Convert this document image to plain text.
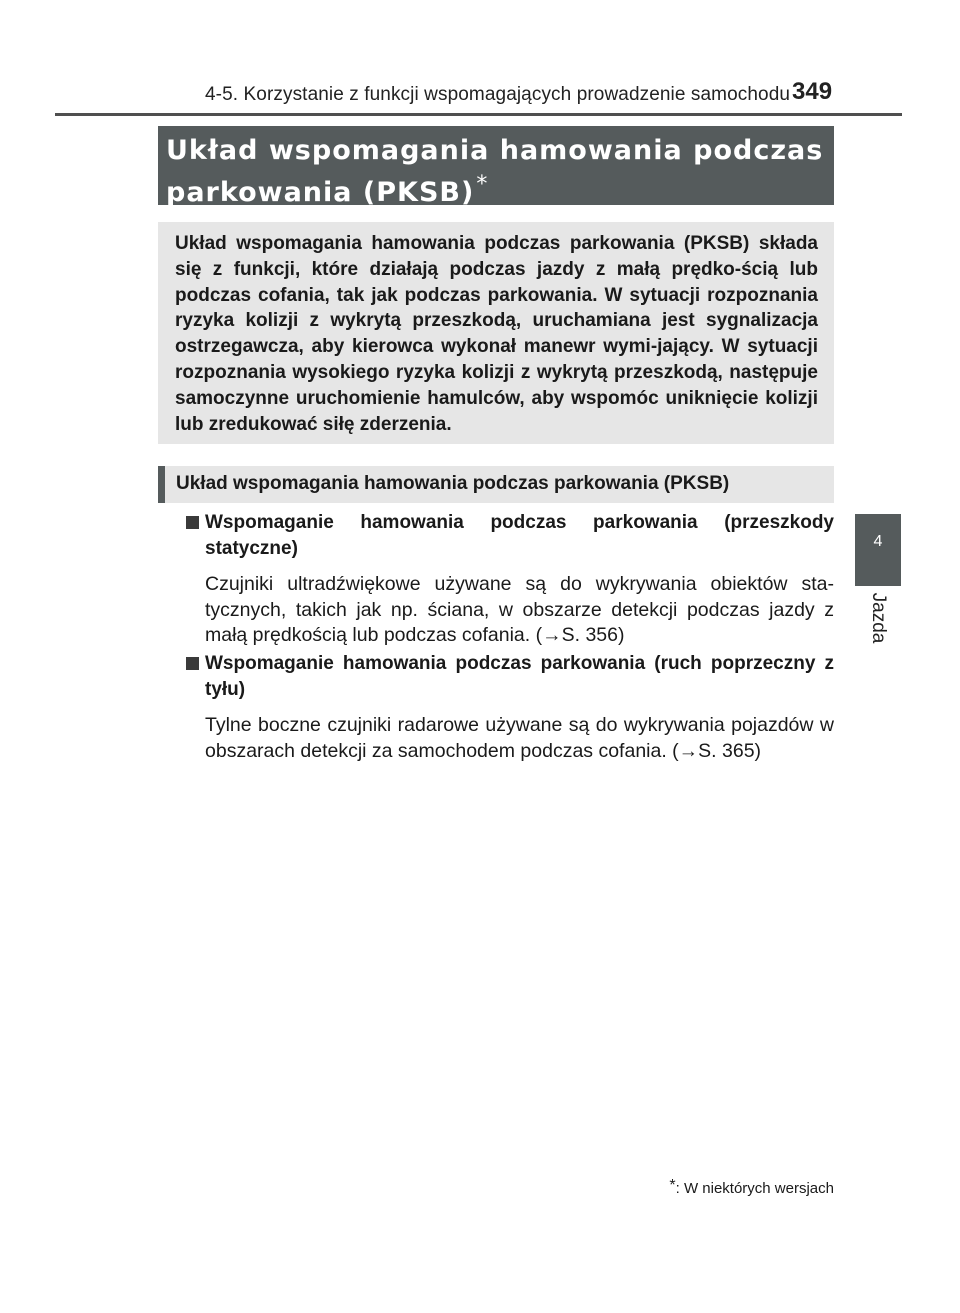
4-5. Korzystanie z funkcji wspomagających prowadzenie samochodu 349
4
Jazda
Układ wspomagania hamowania podczas
parkowania (PKSB)*

Układ wspomagania hamowania podczas parkowania (PKSB) składa się z funkcji, które działają podczas jazdy z małą prędko-ścią lub podczas cofania, tak jak podczas parkowania. W sytuacji rozpoznania ryzyka kolizji z wykrytą przeszkodą, uruchamiana jest sygnalizacja ostrzegawcza, aby kierowca wykonał manewr wymi-jający. W sytuacji rozpoznania wysokiego ryzyka kolizji z wykrytą przeszkodą, następuje samoczynne uruchomienie hamulców, aby wspomóc uniknięcie kolizji lub zredukować siłę zderzenia.

Układ wspomagania hamowania podczas parkowania (PKSB)
Wspomaganie hamowania podczas parkowania (przeszkody statyczne)
Czujniki ultradźwiękowe używane są do wykrywania obiektów sta-tycznych, takich jak np. ściana, w obszarze detekcji podczas jazdy z małą prędkością lub podczas cofania. (→S. 356)
Wspomaganie hamowania podczas parkowania (ruch poprzeczny z tyłu)
Tylne boczne czujniki radarowe używane są do wykrywania pojazdów w obszarach detekcji za samochodem podczas cofania. (→S. 365)
*: W niektórych wersjach
